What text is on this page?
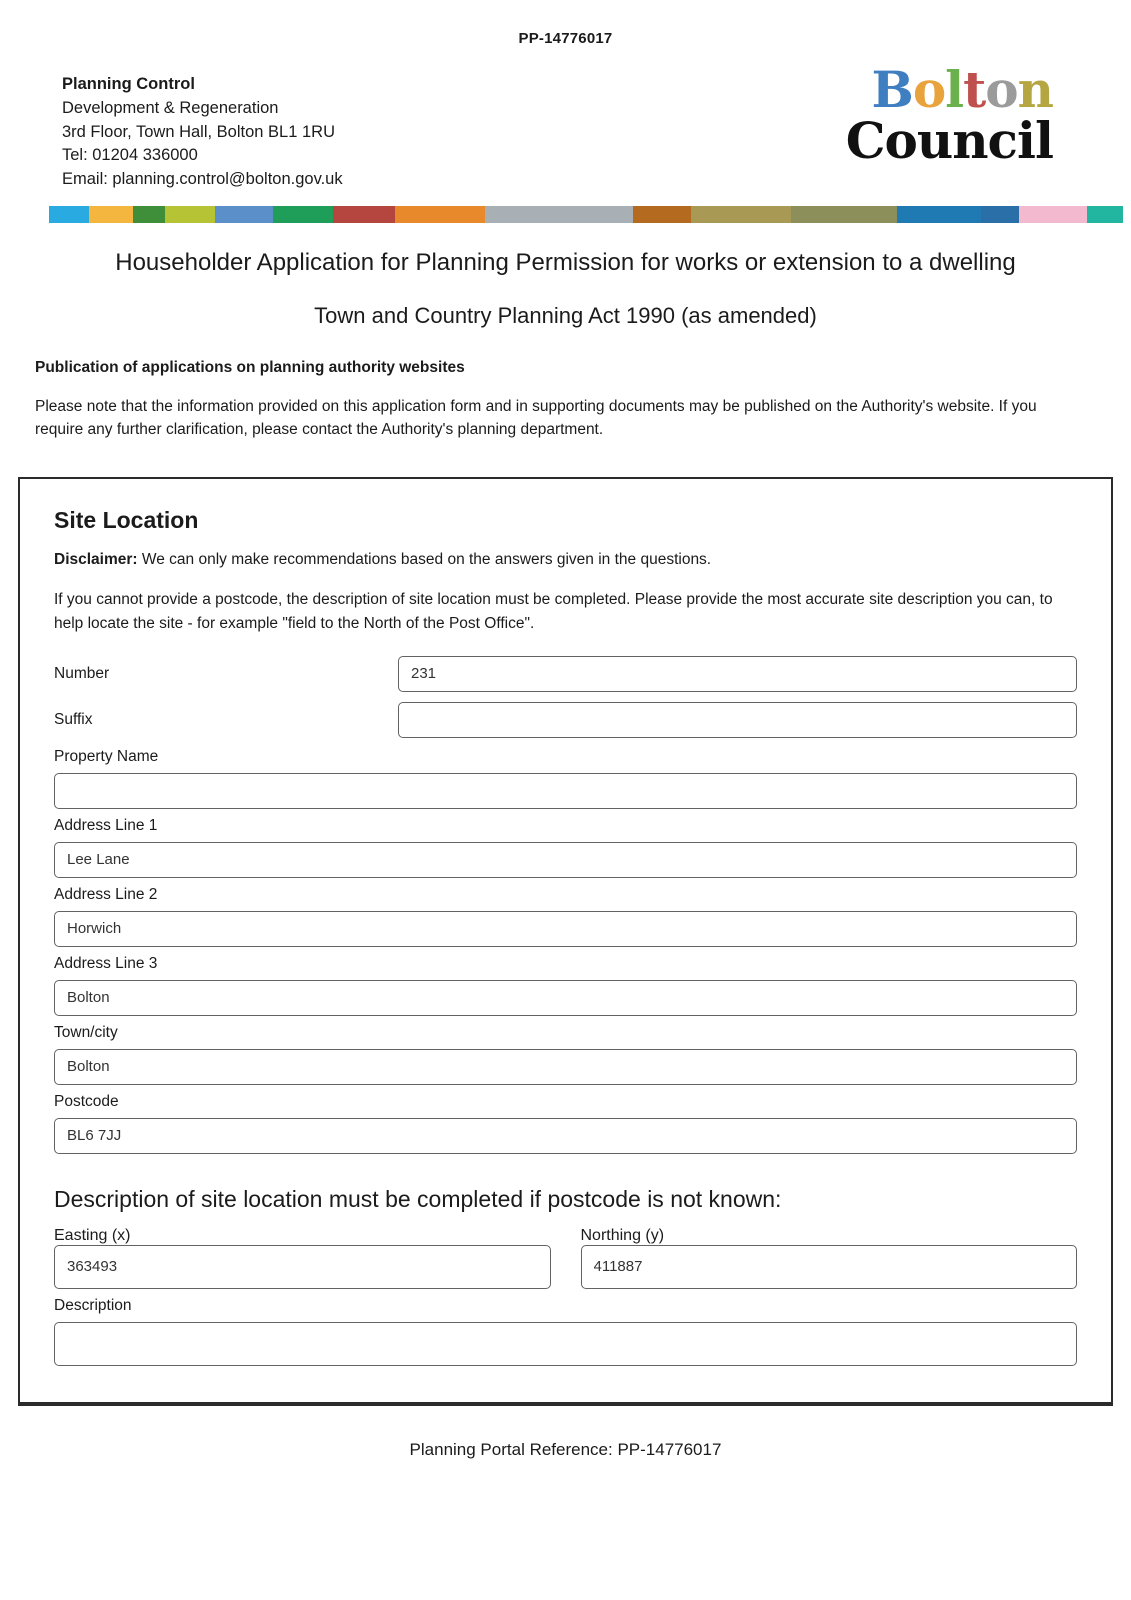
PP-14776017
Planning Control
Development & Regeneration
3rd Floor, Town Hall, Bolton BL1 1RU
Tel: 01204 336000
Email: planning.control@bolton.gov.uk
Bolton
Council
Householder Application for Planning Permission for works or extension to a dwelling
Town and Country Planning Act 1990 (as amended)
Publication of applications on planning authority websites
Please note that the information provided on this application form and in supporting documents may be published on the Authority's website. If you require any further clarification, please contact the Authority's planning department.
Site Location
Disclaimer: We can only make recommendations based on the answers given in the questions.
If you cannot provide a postcode, the description of site location must be completed. Please provide the most accurate site description you can, to help locate the site - for example "field to the North of the Post Office".
Number
231
Suffix
Property Name
Address Line 1
Lee Lane
Address Line 2
Horwich
Address Line 3
Bolton
Town/city
Bolton
Postcode
BL6 7JJ
Description of site location must be completed if postcode is not known:
Easting (x) 363493	Northing (y) 411887
Description
Planning Portal Reference: PP-14776017
